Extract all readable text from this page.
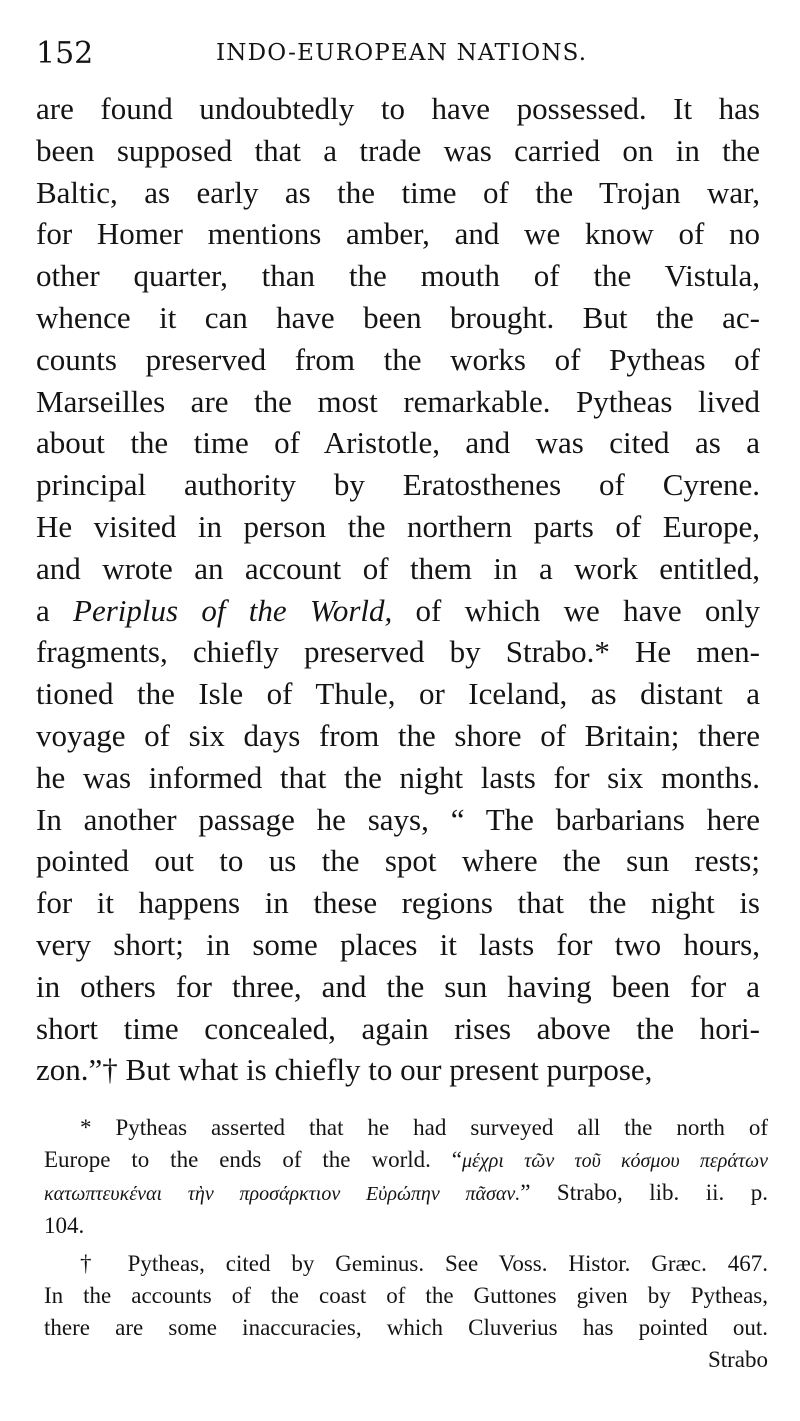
152	INDO-EUROPEAN NATIONS.
are found undoubtedly to have possessed. It has
been supposed that a trade was carried on in the
Baltic, as early as the time of the Trojan war,
for Homer mentions amber, and we know of no
other quarter, than the mouth of the Vistula,
whence it can have been brought. But the ac-
counts preserved from the works of Pytheas of
Marseilles are the most remarkable. Pytheas lived
about the time of Aristotle, and was cited as a
principal authority by Eratosthenes of Cyrene.
He visited in person the northern parts of Europe,
and wrote an account of them in a work entitled,
a Periplus of the World, of which we have only
fragments, chiefly preserved by Strabo.* He men-
tioned the Isle of Thule, or Iceland, as distant a
voyage of six days from the shore of Britain; there
he was informed that the night lasts for six months.
In another passage he says, “ The barbarians here
pointed out to us the spot where the sun rests;
for it happens in these regions that the night is
very short; in some places it lasts for two hours,
in others for three, and the sun having been for a
short time concealed, again rises above the hori-
zon.”† But what is chiefly to our present purpose,
* Pytheas asserted that he had surveyed all the north of
Europe to the ends of the world. “μέχρι τῶν τοῦ κόσμου περάτων
κατωπτευκέναι τὴν προσάρκτιον Εὐρώπην πᾶσαν.” Strabo, lib. ii. p.
104.
† Pytheas, cited by Geminus. See Voss. Histor. Græc. 467.
In the accounts of the coast of the Guttones given by Pytheas,
there are some inaccuracies, which Cluverius has pointed out.
Strabo
